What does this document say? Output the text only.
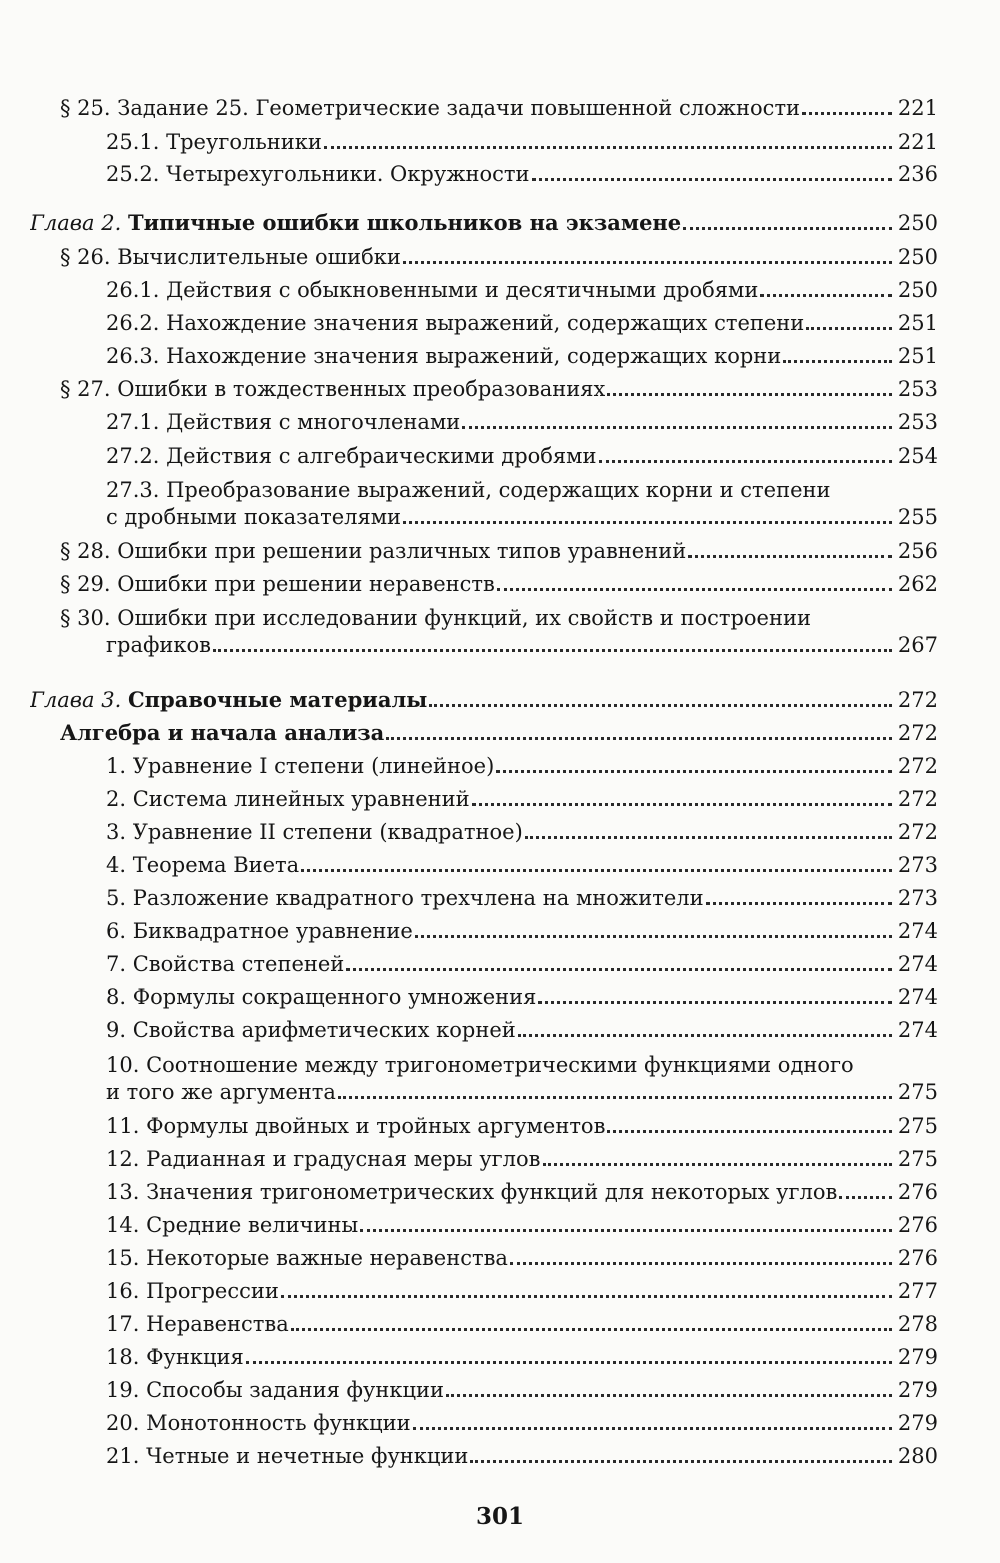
§ 25. Задание 25. Геометрические задачи повышенной сложности	221
25.1. Треугольники	221
25.2. Четырехугольники. Окружности	236
Глава 2. Типичные ошибки школьников на экзамене	250
§ 26. Вычислительные ошибки	250
26.1. Действия с обыкновенными и десятичными дробями	250
26.2. Нахождение значения выражений, содержащих степени	251
26.3. Нахождение значения выражений, содержащих корни	251
§ 27. Ошибки в тождественных преобразованиях	253
27.1. Действия с многочленами	253
27.2. Действия с алгебраическими дробями	254
27.3. Преобразование выражений, содержащих корни и степени
с дробными показателями	255
§ 28. Ошибки при решении различных типов уравнений	256
§ 29. Ошибки при решении неравенств	262
§ 30. Ошибки при исследовании функций, их свойств и построении
графиков	267
Глава 3. Справочные материалы	272
Алгебра и начала анализа	272
1. Уравнение I степени (линейное)	272
2. Система линейных уравнений	272
3. Уравнение II степени (квадратное)	272
4. Теорема Виета	273
5. Разложение квадратного трехчлена на множители	273
6. Биквадратное уравнение	274
7. Свойства степеней	274
8. Формулы сокращенного умножения	274
9. Свойства арифметических корней	274
10. Соотношение между тригонометрическими функциями одного
и того же аргумента	275
11. Формулы двойных и тройных аргументов	275
12. Радианная и градусная меры углов	275
13. Значения тригонометрических функций для некоторых углов	276
14. Средние величины	276
15. Некоторые важные неравенства	276
16. Прогрессии	277
17. Неравенства	278
18. Функция	279
19. Способы задания функции	279
20. Монотонность функции	279
21. Четные и нечетные функции	280
301
